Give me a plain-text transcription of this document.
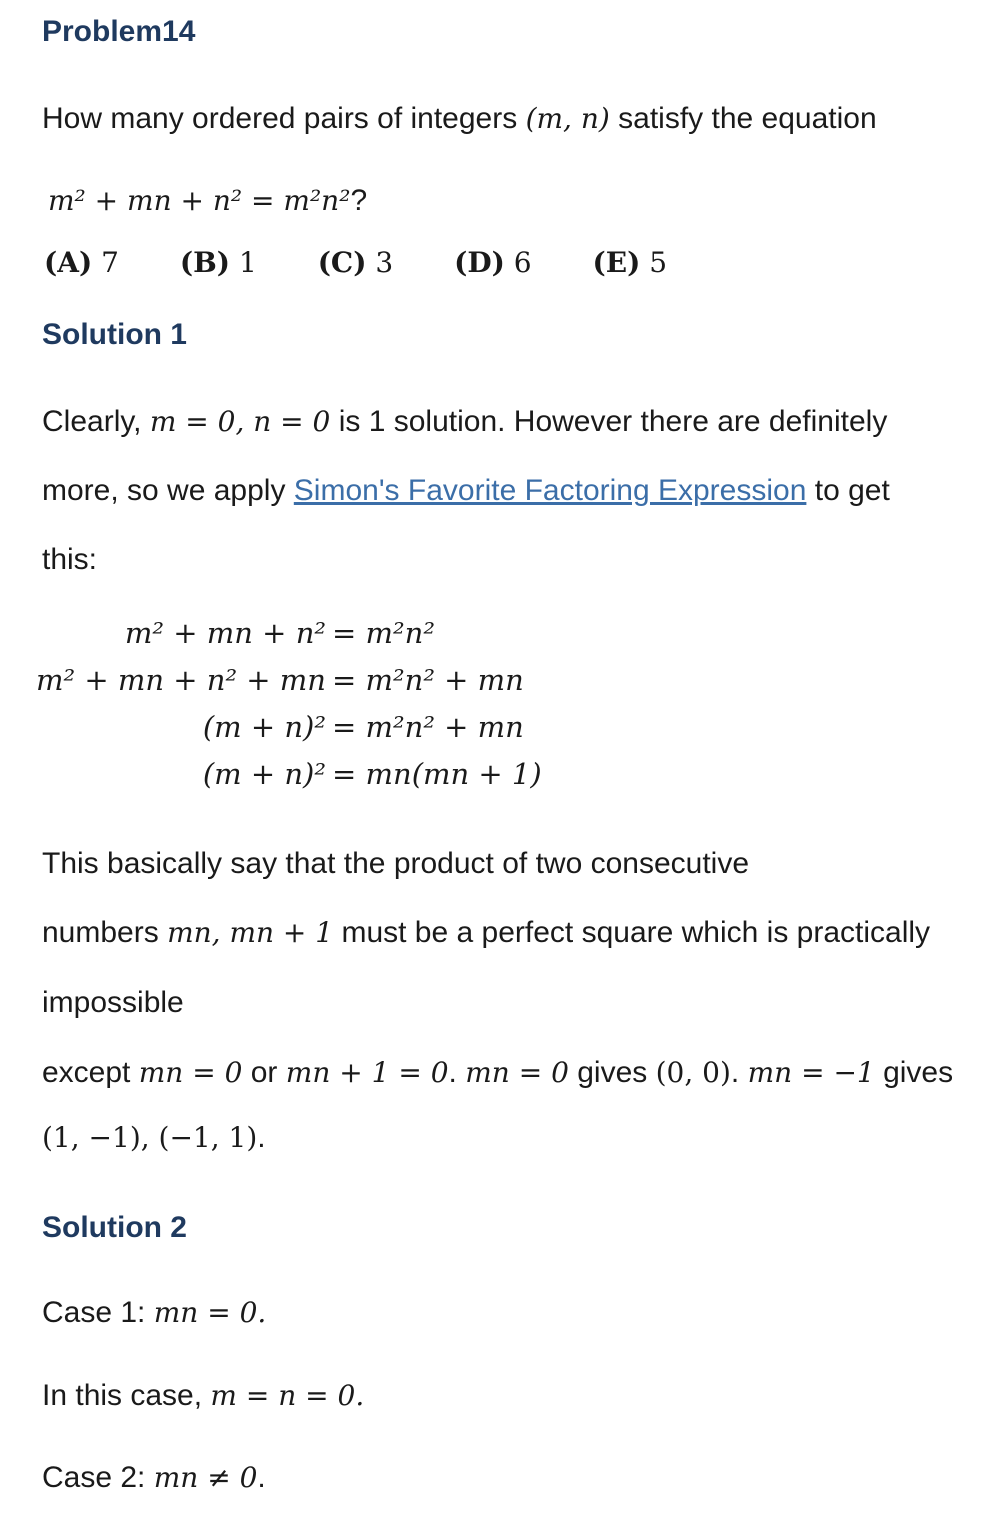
Problem14

How many ordered pairs of integers (m, n) satisfy the equation

m² + mn + n² = m²n²?

(A) 7 (B) 1 (C) 3 (D) 6 (E) 5
Solution 1

Clearly, m = 0, n = 0 is 1 solution. However there are definitely

more, so we apply Simon's Favorite Factoring Expression to get

this:

m² + mn + n² = m²n²
m² + mn + n² + mn = m²n² + mn
(m + n)² = m²n² + mn
(m + n)² = mn(mn + 1)

This basically say that the product of two consecutive

numbers mn, mn + 1 must be a perfect square which is practically

impossible

except mn = 0 or mn + 1 = 0. mn = 0 gives (0, 0). mn = −1 gives

(1, −1), (−1, 1).

Solution 2

Case 1: mn = 0.

In this case, m = n = 0.

Case 2: mn ≠ 0.
